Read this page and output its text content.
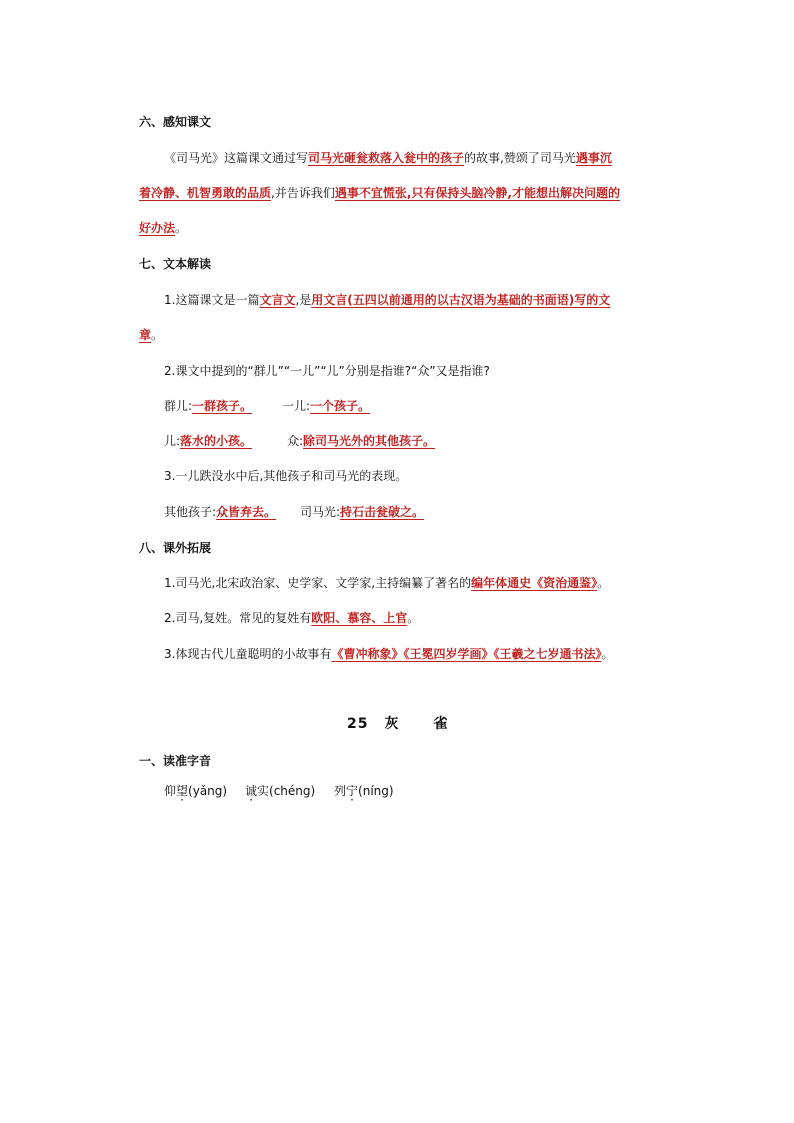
六、感知课文
《司马光》这篇课文通过写司马光砸瓮救落入瓮中的孩子的故事,赞颂了司马光遇事沉
着冷静、机智勇敢的品质,并告诉我们遇事不宜慌张,只有保持头脑冷静,才能想出解决问题的
好办法。
七、文本解读
1.这篇课文是一篇文言文,是用文言(五四以前通用的以古汉语为基础的书面语)写的文
章。
2.课文中提到的“群儿”“一儿”“儿”分别是指谁?“众”又是指谁?
群儿:一群孩子。 一儿:一个孩子。
儿:落水的小孩。	众:除司马光外的其他孩子。
3.一儿跌没水中后,其他孩子和司马光的表现。
其他孩子:众皆弃去。 司马光:持石击瓮破之。
八、课外拓展
1.司马光,北宋政治家、史学家、文学家,主持编纂了著名的编年体通史《资治通鉴》。
2.司马,复姓。常见的复姓有欧阳、慕容、上官。
3.体现古代儿童聪明的小故事有《曹冲称象》《王冕四岁学画》《王羲之七岁通书法》。
25 灰 雀
一、读准字音
仰望(yǎng) 诚实(chéng) 列宁(níng)
